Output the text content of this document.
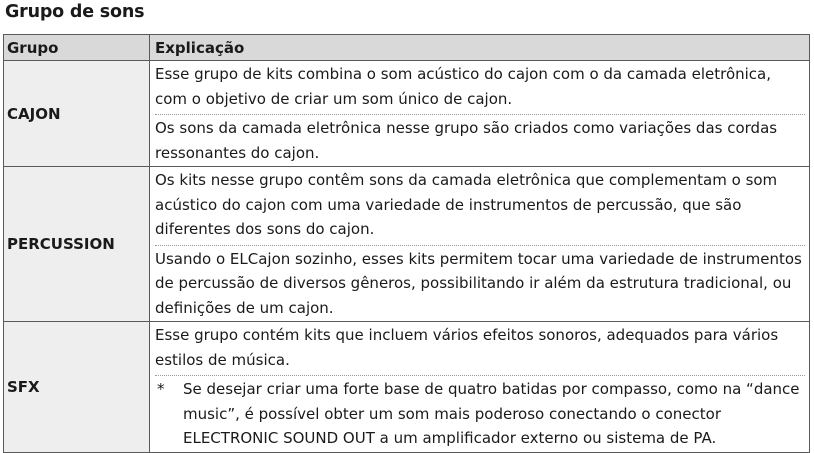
Grupo de sons
Grupo	Explicação
CAJON	Esse grupo de kits combina o som acústico do cajon com o da camada eletrônica, com o objetivo de criar um som único de cajon.
Os sons da camada eletrônica nesse grupo são criados como variações das cordas ressonantes do cajon.

PERCUSSION	Os kits nesse grupo contêm sons da camada eletrônica que complementam o som acústico do cajon com uma variedade de instrumentos de percussão, que são diferentes dos sons do cajon.
Usando o ELCajon sozinho, esses kits permitem tocar uma variedade de instrumentos de percussão de diversos gêneros, possibilitando ir além da estrutura tradicional, ou definições de um cajon.

SFX	Esse grupo contém kits que incluem vários efeitos sonoros, adequados para vários estilos de música.
* Se desejar criar uma forte base de quatro batidas por compasso, como na “dance music”, é possível obter um som mais poderoso conectando o conector ELECTRONIC SOUND OUT a um amplificador externo ou sistema de PA.
